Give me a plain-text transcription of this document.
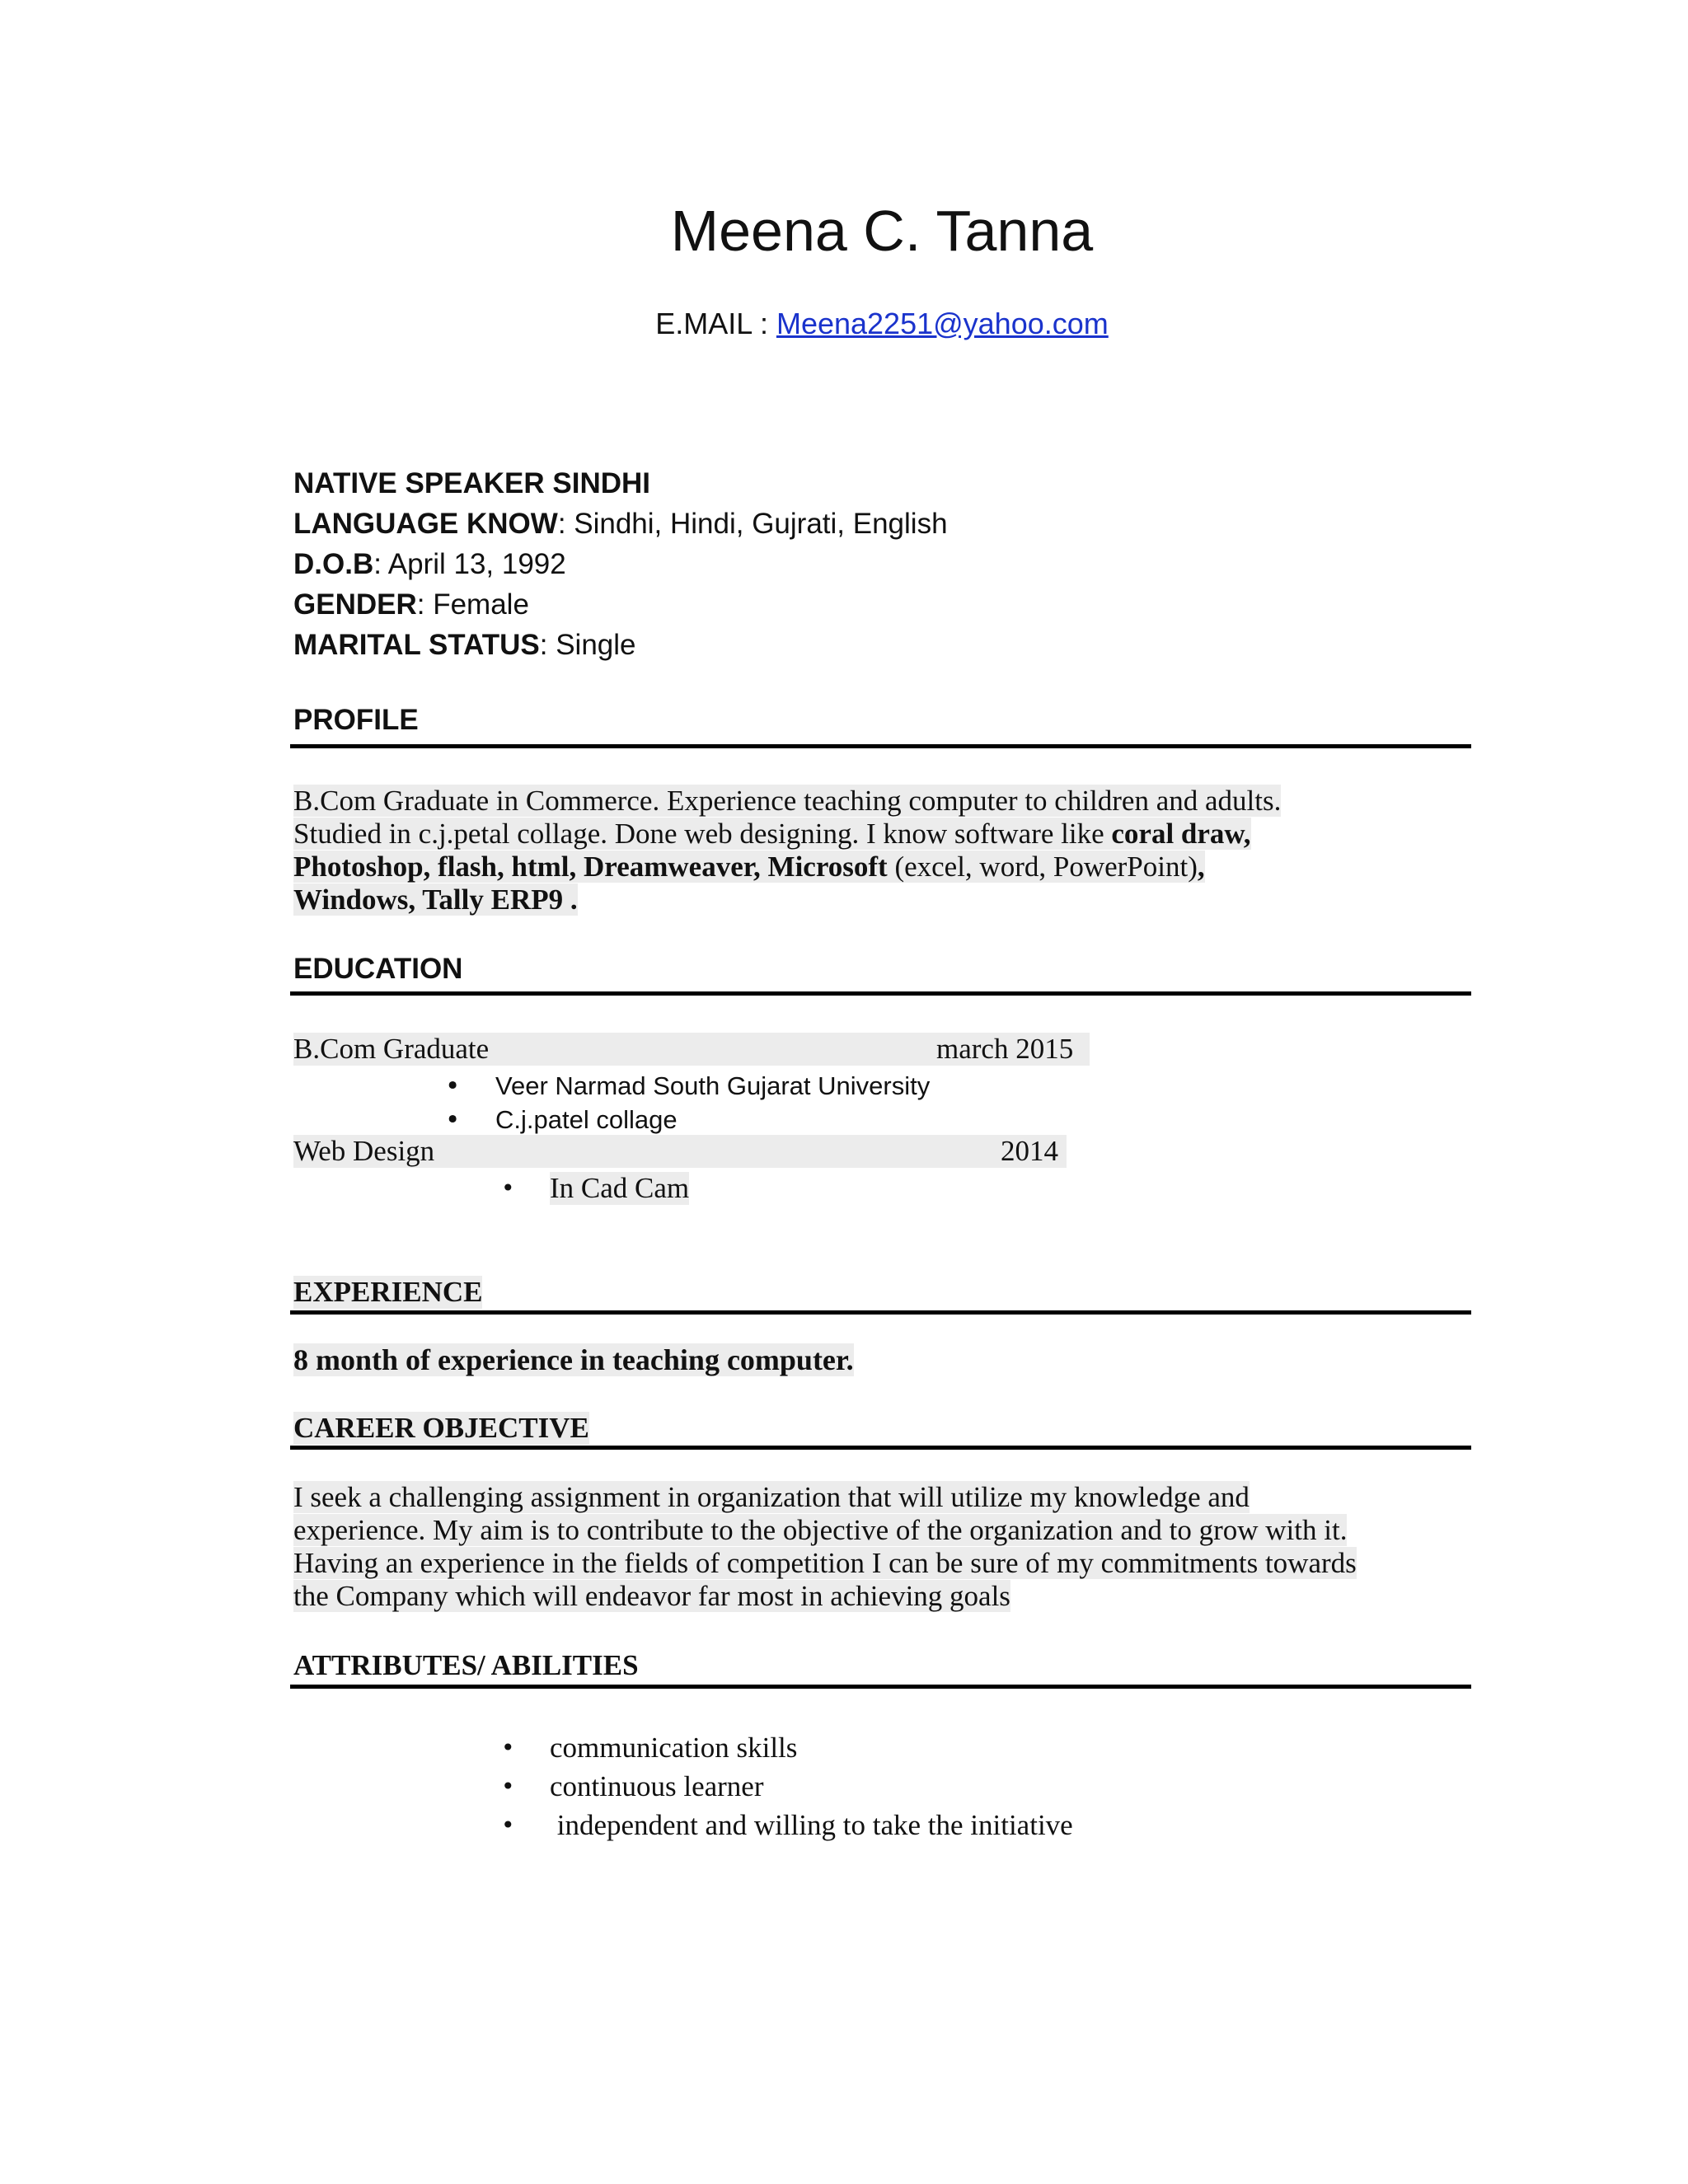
Meena C. Tanna
E.MAIL : Meena2251@yahoo.com
NATIVE SPEAKER SINDHI
LANGUAGE KNOW: Sindhi, Hindi, Gujrati, English
D.O.B: April 13, 1992
GENDER: Female
MARITAL STATUS: Single
PROFILE
B.Com Graduate in Commerce. Experience teaching computer to children and adults.
Studied in c.j.petal collage. Done web designing. I know software like coral draw,
Photoshop, flash, html, Dreamweaver, Microsoft (excel, word, PowerPoint),
Windows, Tally ERP9 .
EDUCATION
B.Com Graduate	march 2015
• Veer Narmad South Gujarat University
• C.j.patel collage
Web Design	2014
• In Cad Cam
EXPERIENCE
8 month of experience in teaching computer.
CAREER OBJECTIVE
I seek a challenging assignment in organization that will utilize my knowledge and
experience. My aim is to contribute to the objective of the organization and to grow with it.
Having an experience in the fields of competition I can be sure of my commitments towards
the Company which will endeavor far most in achieving goals
ATTRIBUTES/ ABILITIES
• communication skills
• continuous learner
• independent and willing to take the initiative
